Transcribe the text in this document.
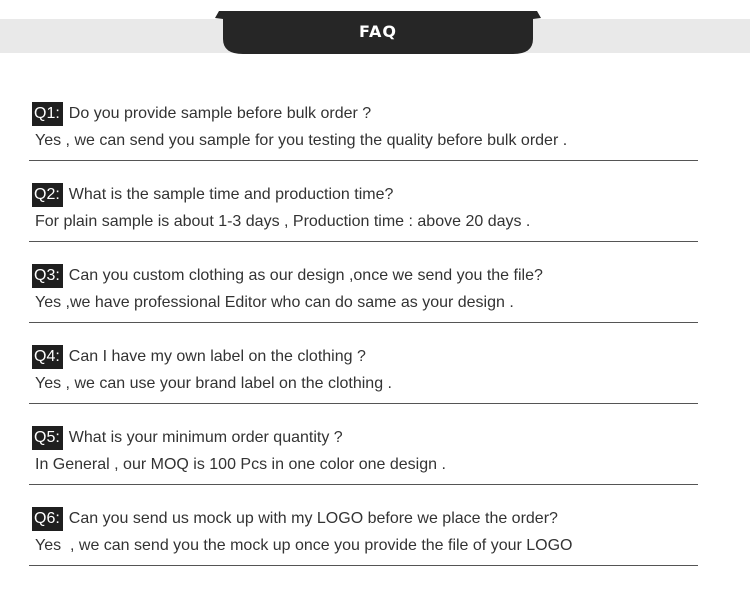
FAQ
Q1: Do you provide sample before bulk order ?
Yes , we can send you sample for you testing the quality before bulk order .
Q2: What is the sample time and production time?
For plain sample is about 1-3 days , Production time : above 20 days .
Q3: Can you custom clothing as our design ,once we send you the file?
Yes ,we have professional Editor who can do same as your design .
Q4: Can I have my own label on the clothing ?
Yes , we can use your brand label on the clothing .
Q5: What is your minimum order quantity ?
In General , our MOQ is 100 Pcs in one color one design .
Q6: Can you send us mock up with my LOGO before we place the order?
Yes  , we can send you the mock up once you provide the file of your LOGO
